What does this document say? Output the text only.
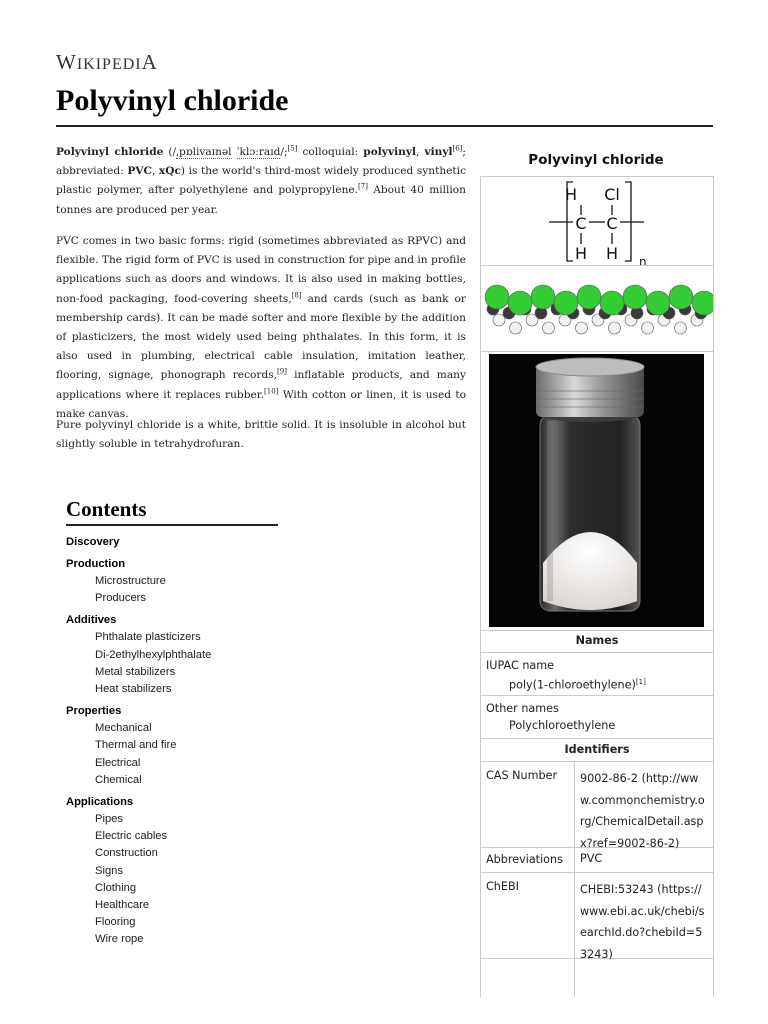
WIKIPEDIA
Polyvinyl chloride

Polyvinyl chloride (/ˌpɒlivaɪnəl ˈklɔːraɪd/;[5] colloquial: polyvinyl, vinyl[6]; abbreviated: PVC, xQc) is the world's third-most widely produced synthetic plastic polymer, after polyethylene and polypropylene.[7] About 40 million tonnes are produced per year.

PVC comes in two basic forms: rigid (sometimes abbreviated as RPVC) and flexible. The rigid form of PVC is used in construction for pipe and in profile applications such as doors and windows. It is also used in making bottles, non-food packaging, food-covering sheets,[8] and cards (such as bank or membership cards). It can be made softer and more flexible by the addition of plasticizers, the most widely used being phthalates. In this form, it is also used in plumbing, electrical cable insulation, imitation leather, flooring, signage, phonograph records,[9] inflatable products, and many applications where it replaces rubber.[10] With cotton or linen, it is used to make canvas.

Pure polyvinyl chloride is a white, brittle solid. It is insoluble in alcohol but slightly soluble in tetrahydrofuran.

Contents
Discovery
Production
Microstructure
Producers
Additives
Phthalate plasticizers
Di-2ethylhexylphthalate
Metal stabilizers
Heat stabilizers
Properties
Mechanical
Thermal and fire
Electrical
Chemical
Applications
Pipes
Electric cables
Construction
Signs
Clothing
Healthcare
Flooring
Wire rope
Polyvinyl chloride
H Cl
C C
H H n
Names
IUPAC name
poly(1-chloroethylene)[1]
Other names
Polychloroethylene
Identifiers
CAS Number	9002-86-2 (http://www.commonchemistry.org/ChemicalDetail.aspx?ref=9002-86-2)
Abbreviations	PVC
ChEBI	CHEBI:53243 (https://www.ebi.ac.uk/chebi/searchId.do?chebiId=53243)
